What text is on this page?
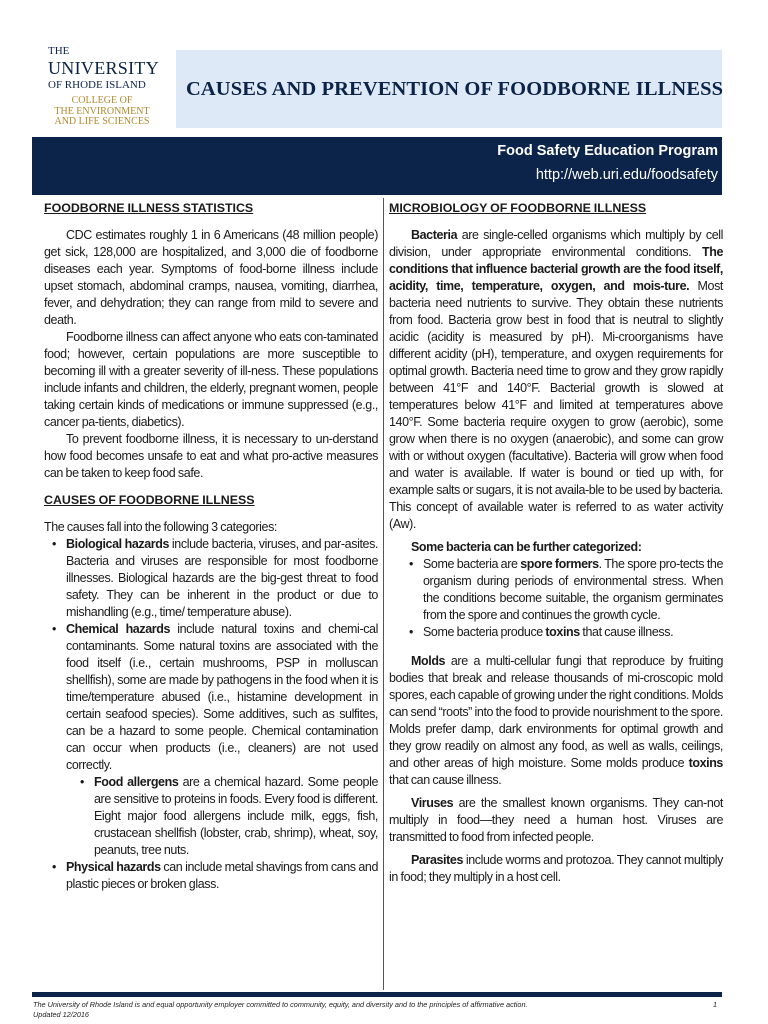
THE
UNIVERSITY
OF RHODE ISLAND
COLLEGE OF
THE ENVIRONMENT
AND LIFE SCIENCES
CAUSES AND PREVENTION OF FOODBORNE ILLNESS
Food Safety Education Program
http://web.uri.edu/foodsafety
FOODBORNE ILLNESS STATISTICS

CDC estimates roughly 1 in 6 Americans (48 million people) get sick, 128,000 are hospitalized, and 3,000 die of foodborne diseases each year. Symptoms of food-borne illness include upset stomach, abdominal cramps, nausea, vomiting, diarrhea, fever, and dehydration; they can range from mild to severe and death.

Foodborne illness can affect anyone who eats con-taminated food; however, certain populations are more susceptible to becoming ill with a greater severity of ill-ness. These populations include infants and children, the elderly, pregnant women, people taking certain kinds of medications or immune suppressed (e.g., cancer pa-tients, diabetics).

To prevent foodborne illness, it is necessary to un-derstand how food becomes unsafe to eat and what pro-active measures can be taken to keep food safe.

CAUSES OF FOODBORNE ILLNESS
The causes fall into the following 3 categories:
• Biological hazards include bacteria, viruses, and par-asites. Bacteria and viruses are responsible for most foodborne illnesses. Biological hazards are the big-gest threat to food safety. They can be inherent in the product or due to mishandling (e.g., time/ temperature abuse).
• Chemical hazards include natural toxins and chemi-cal contaminants. Some natural toxins are associated with the food itself (i.e., certain mushrooms, PSP in molluscan shellfish), some are made by pathogens in the food when it is time/temperature abused (i.e., histamine development in certain seafood species). Some additives, such as sulfites, can be a hazard to some people. Chemical contamination can occur when products (i.e., cleaners) are not used correctly.
• Food allergens are a chemical hazard. Some people are sensitive to proteins in foods. Every food is different. Eight major food allergens include milk, eggs, fish, crustacean shellfish (lobster, crab, shrimp), wheat, soy, peanuts, tree nuts.
• Physical hazards can include metal shavings from cans and plastic pieces or broken glass.
MICROBIOLOGY OF FOODBORNE ILLNESS

Bacteria are single-celled organisms which multiply by cell division, under appropriate environmental conditions. The conditions that influence bacterial growth are the food itself, acidity, time, temperature, oxygen, and mois-ture. Most bacteria need nutrients to survive. They obtain these nutrients from food. Bacteria grow best in food that is neutral to slightly acidic (acidity is measured by pH). Mi-croorganisms have different acidity (pH), temperature, and oxygen requirements for optimal growth. Bacteria need time to grow and they grow rapidly between 41°F and 140°F. Bacterial growth is slowed at temperatures below 41°F and limited at temperatures above 140°F. Some bacteria require oxygen to grow (aerobic), some grow when there is no oxygen (anaerobic), and some can grow with or without oxygen (facultative). Bacteria will grow when food and water is available. If water is bound or tied up with, for example salts or sugars, it is not availa-ble to be used by bacteria. This concept of available water is referred to as water activity (Aw).

Some bacteria can be further categorized:
• Some bacteria are spore formers. The spore pro-tects the organism during periods of environmental stress. When the conditions become suitable, the organism germinates from the spore and continues the growth cycle.
• Some bacteria produce toxins that cause illness.

Molds are a multi-cellular fungi that reproduce by fruiting bodies that break and release thousands of mi-croscopic mold spores, each capable of growing under the right conditions. Molds can send “roots” into the food to provide nourishment to the spore. Molds prefer damp, dark environments for optimal growth and they grow readily on almost any food, as well as walls, ceilings, and other areas of high moisture. Some molds produce toxins that can cause illness.

Viruses are the smallest known organisms. They can-not multiply in food—they need a human host. Viruses are transmitted to food from infected people.

Parasites include worms and protozoa. They cannot multiply in food; they multiply in a host cell.

The University of Rhode Island is and equal opportunity employer committed to community, equity, and diversity and to the principles of affirmative action.
Updated 12/2016
1
